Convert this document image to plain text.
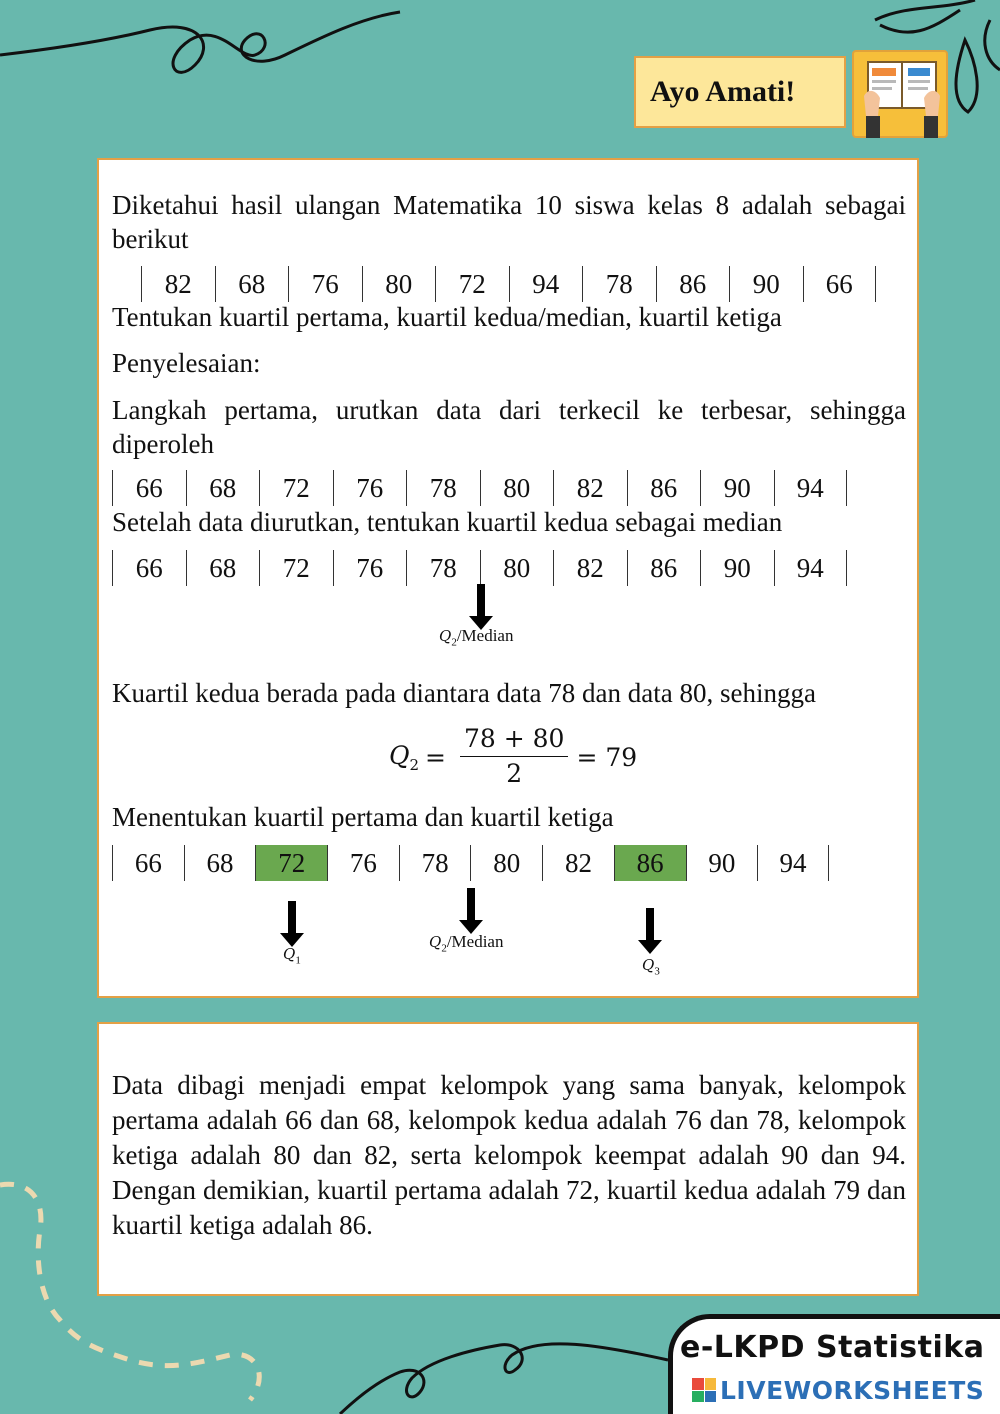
Ayo Amati!

Diketahui hasil ulangan Matematika 10 siswa kelas 8 adalah sebagai berikut

82	68	76	80	72	94	78	86	90	66

Tentukan kuartil pertama, kuartil kedua/median, kuartil ketiga

Penyelesaian:

Langkah pertama, urutkan data dari terkecil ke terbesar, sehingga diperoleh

66	68	72	76	78	80	82	86	90	94

Setelah data diurutkan, tentukan kuartil kedua sebagai median

66	68	72	76	78	80	82	86	90	94
$Q_2$/Median

Kuartil kedua berada pada diantara data 78 dan data 80, sehingga

$Q_2 = \frac{78 + 80}{2} = 79$

Menentukan kuartil pertama dan kuartil ketiga

66	68	72	76	78	80	82	86	90	94
$Q_1$
$Q_2$/Median
$Q_3$

Data dibagi menjadi empat kelompok yang sama banyak, kelompok pertama adalah 66 dan 68, kelompok kedua adalah 76 dan 78, kelompok ketiga adalah 80 dan 82, serta kelompok keempat adalah 90 dan 94. Dengan demikian, kuartil pertama adalah 72, kuartil kedua adalah 79 dan kuartil ketiga adalah 86.

e-LKPD Statistika
LIVEWORKSHEETS
